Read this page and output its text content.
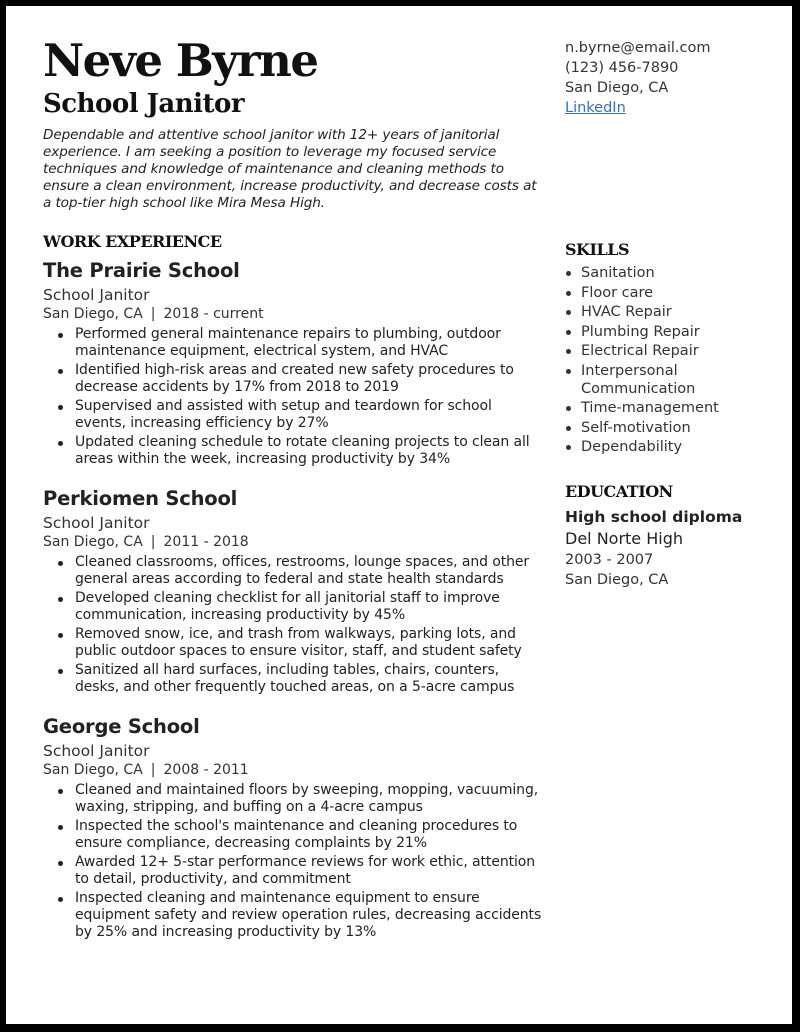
Neve Byrne
School Janitor

Dependable and attentive school janitor with 12+ years of janitorial experience. I am seeking a position to leverage my focused service techniques and knowledge of maintenance and cleaning methods to ensure a clean environment, increase productivity, and decrease costs at a top-tier high school like Mira Mesa High.

WORK EXPERIENCE
The Prairie School
School Janitor
San Diego, CA | 2018 - current
Performed general maintenance repairs to plumbing, outdoor maintenance equipment, electrical system, and HVAC
Identified high-risk areas and created new safety procedures to decrease accidents by 17% from 2018 to 2019
Supervised and assisted with setup and teardown for school events, increasing efficiency by 27%
Updated cleaning schedule to rotate cleaning projects to clean all areas within the week, increasing productivity by 34%
Perkiomen School
School Janitor
San Diego, CA | 2011 - 2018
Cleaned classrooms, offices, restrooms, lounge spaces, and other general areas according to federal and state health standards
Developed cleaning checklist for all janitorial staff to improve communication, increasing productivity by 45%
Removed snow, ice, and trash from walkways, parking lots, and public outdoor spaces to ensure visitor, staff, and student safety
Sanitized all hard surfaces, including tables, chairs, counters, desks, and other frequently touched areas, on a 5-acre campus
George School
School Janitor
San Diego, CA | 2008 - 2011
Cleaned and maintained floors by sweeping, mopping, vacuuming, waxing, stripping, and buffing on a 4-acre campus
Inspected the school's maintenance and cleaning procedures to ensure compliance, decreasing complaints by 21%
Awarded 12+ 5-star performance reviews for work ethic, attention to detail, productivity, and commitment
Inspected cleaning and maintenance equipment to ensure equipment safety and review operation rules, decreasing accidents by 25% and increasing productivity by 13%
n.byrne@email.com
(123) 456-7890
San Diego, CA
LinkedIn
SKILLS
Sanitation
Floor care
HVAC Repair
Plumbing Repair
Electrical Repair
Interpersonal Communication
Time-management
Self-motivation
Dependability
EDUCATION
High school diploma
Del Norte High
2003 - 2007
San Diego, CA
